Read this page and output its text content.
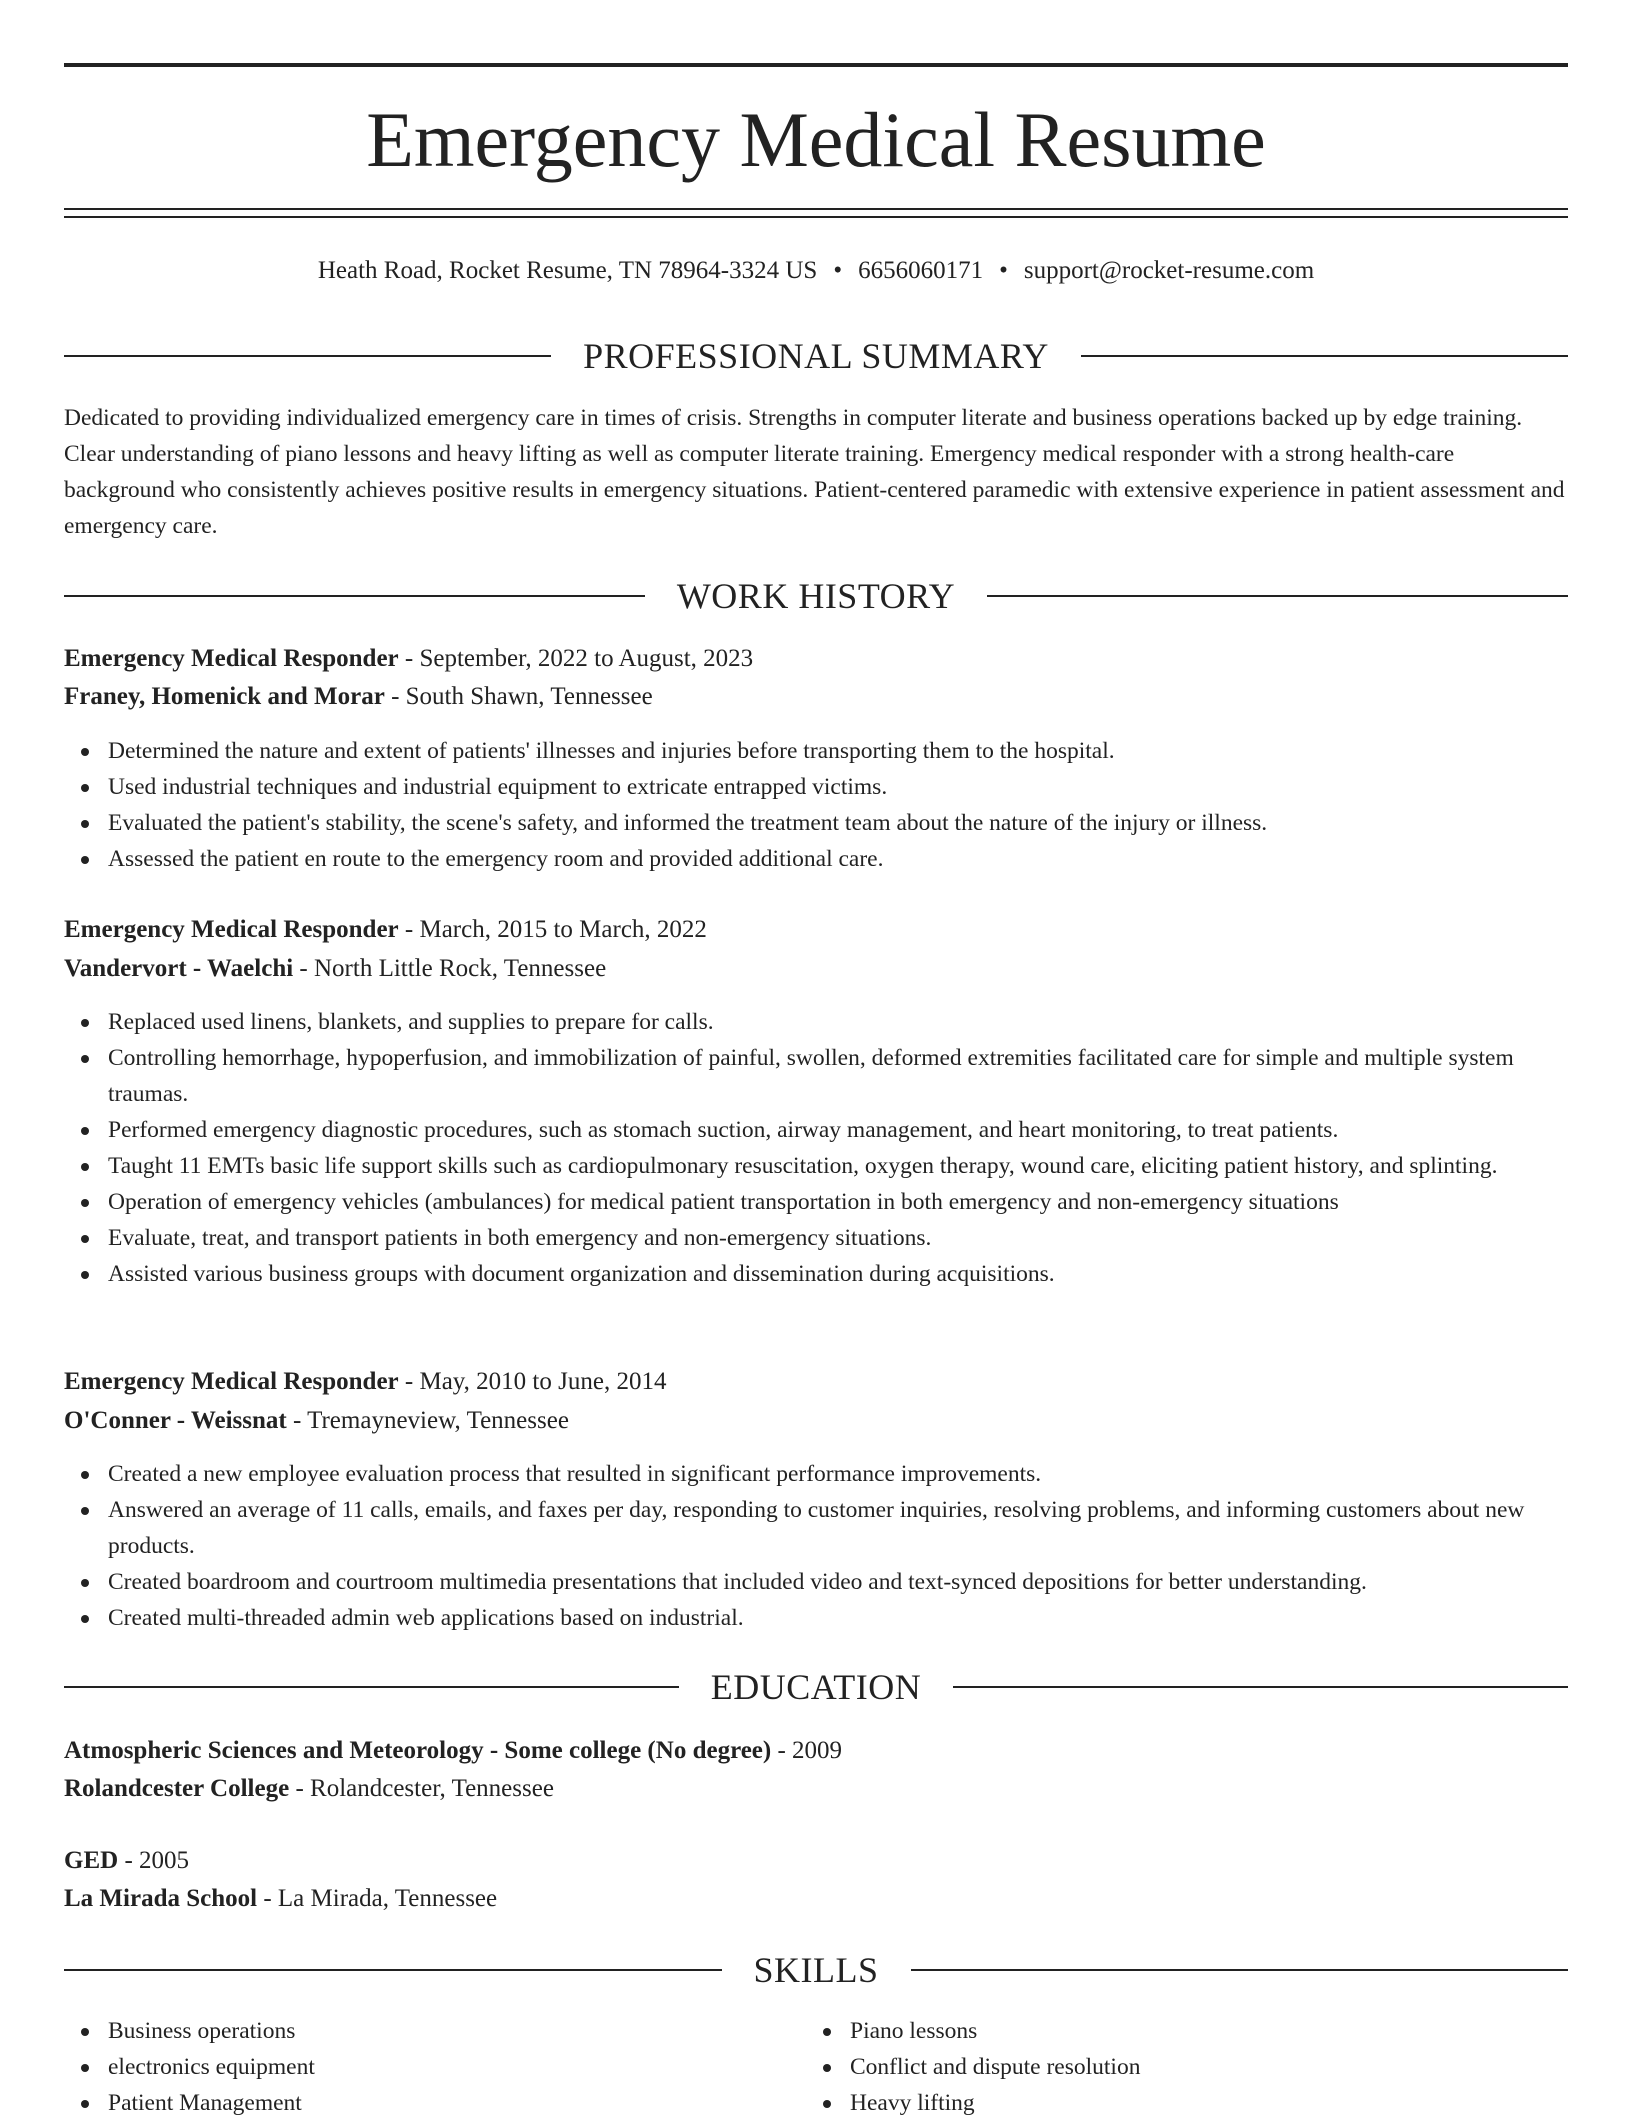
Emergency Medical Resume
Heath Road, Rocket Resume, TN 78964-3324 US • 6656060171 • support@rocket-resume.com
PROFESSIONAL SUMMARY

Dedicated to providing individualized emergency care in times of crisis. Strengths in computer literate and business operations backed up by edge training. Clear understanding of piano lessons and heavy lifting as well as computer literate training. Emergency medical responder with a strong health-care background who consistently achieves positive results in emergency situations. Patient-centered paramedic with extensive experience in patient assessment and emergency care.

WORK HISTORY
Emergency Medical Responder - September, 2022 to August, 2023
Franey, Homenick and Morar - South Shawn, Tennessee
Determined the nature and extent of patients' illnesses and injuries before transporting them to the hospital.
Used industrial techniques and industrial equipment to extricate entrapped victims.
Evaluated the patient's stability, the scene's safety, and informed the treatment team about the nature of the injury or illness.
Assessed the patient en route to the emergency room and provided additional care.
Emergency Medical Responder - March, 2015 to March, 2022
Vandervort - Waelchi - North Little Rock, Tennessee
Replaced used linens, blankets, and supplies to prepare for calls.
Controlling hemorrhage, hypoperfusion, and immobilization of painful, swollen, deformed extremities facilitated care for simple and multiple system traumas.
Performed emergency diagnostic procedures, such as stomach suction, airway management, and heart monitoring, to treat patients.
Taught 11 EMTs basic life support skills such as cardiopulmonary resuscitation, oxygen therapy, wound care, eliciting patient history, and splinting.
Operation of emergency vehicles (ambulances) for medical patient transportation in both emergency and non-emergency situations
Evaluate, treat, and transport patients in both emergency and non-emergency situations.
Assisted various business groups with document organization and dissemination during acquisitions.
Emergency Medical Responder - May, 2010 to June, 2014
O'Conner - Weissnat - Tremayneview, Tennessee
Created a new employee evaluation process that resulted in significant performance improvements.
Answered an average of 11 calls, emails, and faxes per day, responding to customer inquiries, resolving problems, and informing customers about new products.
Created boardroom and courtroom multimedia presentations that included video and text-synced depositions for better understanding.
Created multi-threaded admin web applications based on industrial.
EDUCATION
Atmospheric Sciences and Meteorology - Some college (No degree) - 2009
Rolandcester College - Rolandcester, Tennessee
GED - 2005
La Mirada School - La Mirada, Tennessee
SKILLS
Business operations
electronics equipment
Patient Management
Piano lessons
Conflict and dispute resolution
Heavy lifting
